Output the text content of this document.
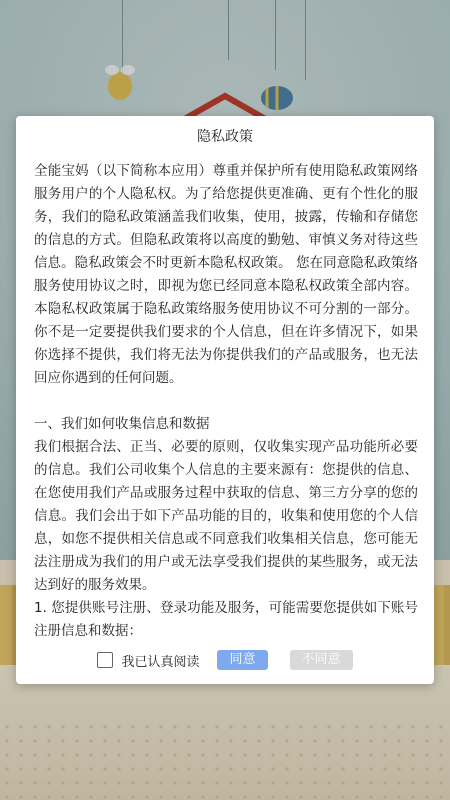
隐私政策
全能宝妈（以下简称本应用）尊重并保护所有使用隐私政策网络服务用户的个人隐私权。为了给您提供更准确、更有个性化的服务，我们的隐私政策涵盖我们收集，使用，披露，传输和存储您的信息的方式。但隐私政策将以高度的勤勉、审慎义务对待这些信息。隐私政策会不时更新本隐私权政策。 您在同意隐私政策络服务使用协议之时，即视为您已经同意本隐私权政策全部内容。本隐私权政策属于隐私政策络服务使用协议不可分割的一部分。你不是一定要提供我们要求的个人信息，但在许多情况下，如果你选择不提供，我们将无法为你提供我们的产品或服务，也无法回应你遇到的任何问题。

一、我们如何收集信息和数据
我们根据合法、正当、必要的原则，仅收集实现产品功能所必要的信息。我们公司收集个人信息的主要来源有：您提供的信息、在您使用我们产品或服务过程中获取的信息、第三方分享的您的信息。我们会出于如下产品功能的目的，收集和使用您的个人信息，如您不提供相关信息或不同意我们收集相关信息，您可能无法注册成为我们的用户或无法享受我们提供的某些服务，或无法达到好的服务效果。
1. 您提供账号注册、登录功能及服务，可能需要您提供如下账号注册信息和数据：

我已认真阅读	同意	不同意
